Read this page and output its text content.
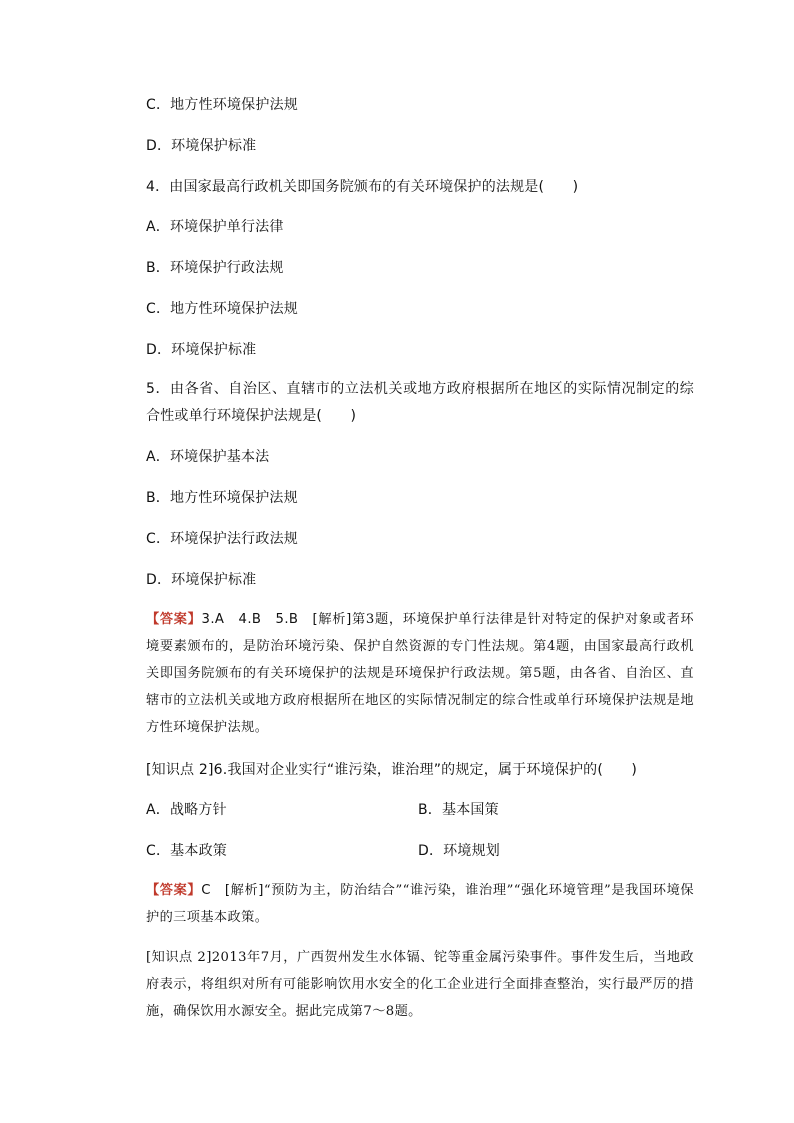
C．地方性环境保护法规
D．环境保护标准
4．由国家最高行政机关即国务院颁布的有关环境保护的法规是(　　)
A．环境保护单行法律
B．环境保护行政法规
C．地方性环境保护法规
D．环境保护标准
5．由各省、自治区、直辖市的立法机关或地方政府根据所在地区的实际情况制定的综合性或单行环境保护法规是(　　)
A．环境保护基本法
B．地方性环境保护法规
C．环境保护法行政法规
D．环境保护标准
【答案】3.A　4.B　5.B　[解析]第3题，环境保护单行法律是针对特定的保护对象或者环境要素颁布的，是防治环境污染、保护自然资源的专门性法规。第4题，由国家最高行政机关即国务院颁布的有关环境保护的法规是环境保护行政法规。第5题，由各省、自治区、直辖市的立法机关或地方政府根据所在地区的实际情况制定的综合性或单行环境保护法规是地方性环境保护法规。
[知识点 2]6.我国对企业实行“谁污染，谁治理”的规定，属于环境保护的(　　)
A．战略方针	B．基本国策
C．基本政策	D．环境规划
【答案】C　[解析]“预防为主，防治结合”“谁污染，谁治理”“强化环境管理”是我国环境保护的三项基本政策。
[知识点 2]2013年7月，广西贺州发生水体镉、铊等重金属污染事件。事件发生后，当地政府表示，将组织对所有可能影响饮用水安全的化工企业进行全面排查整治，实行最严厉的措施，确保饮用水源安全。据此完成第7～8题。
